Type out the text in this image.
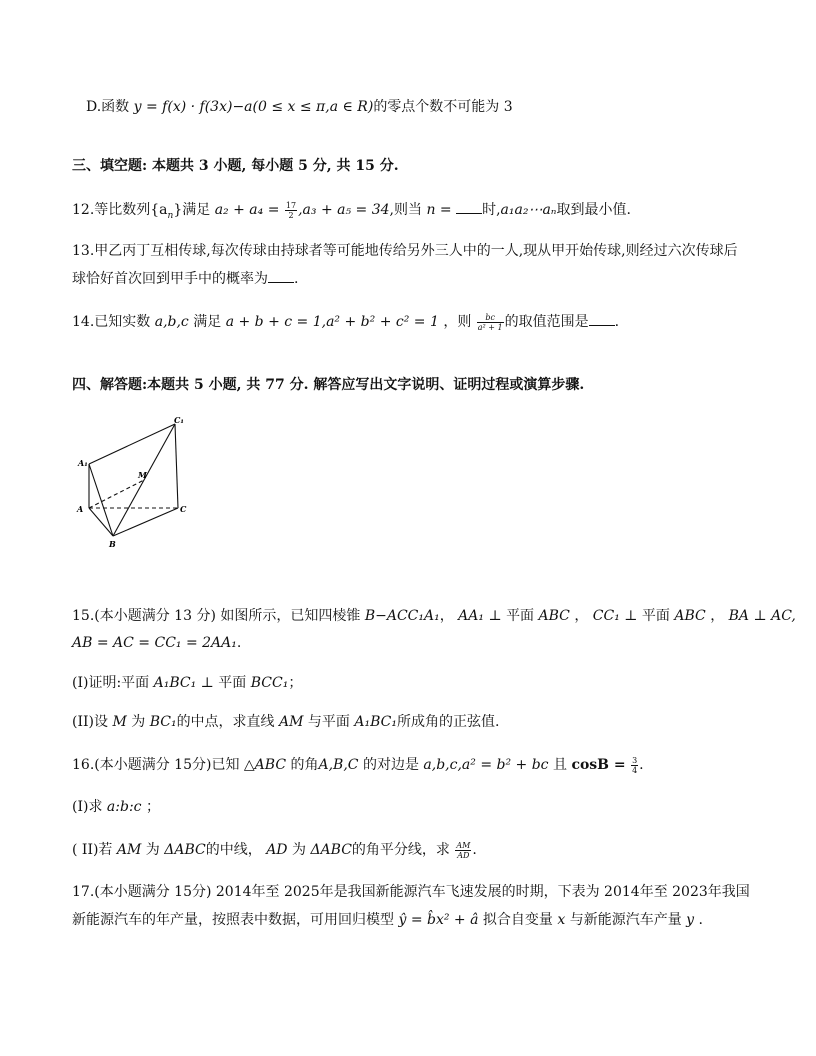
D.函数 y = f(x) · f(3x)−a(0 ≤ x ≤ π,a ∈ R)的零点个数不可能为 3
三、填空题: 本题共 3 小题, 每小题 5 分, 共 15 分.
12.等比数列$\{a_n\}$满足 $a_2 + a_4 = \frac{17}{2} ,a_3 + a_5 = 34$,则当 n = 时,a₁a₂⋯aₙ取到最小值.
13.甲乙丙丁互相传球,每次传球由持球者等可能地传给另外三人中的一人,现从甲开始传球,则经过六次传球后
球恰好首次回到甲手中的概率为 .
14.已知实数 a,b,c 满足 a + b + c = 1,a² + b² + c² = 1 ，则 $\frac{bc}{\text{a² + 1}}$ 的取值范围是 .
四、解答题:本题共 5 小题, 共 77 分. 解答应写出文字说明、证明过程或演算步骤.
C₁
A₁
M
A	C
B
15.(本小题满分 13 分) 如图所示，已知四棱锥 B−ACC₁A₁， AA₁ ⊥ 平面 ABC ， CC₁ ⊥ 平面 ABC ， BA ⊥ AC,
AB = AC = CC₁ = 2AA₁.
(I)证明:平面 A₁BC₁ ⊥ 平面 BCC₁；
(II)设 M 为 BC₁的中点，求直线 AM 与平面 A₁BC₁所成角的正弦值.
16.(本小题满分 15分)已知 △ABC 的角A,B,C 的对边是 a,b,c,a² = b² + bc 且 $\cos B = \frac{3}{4}$ .
(I)求 a:b:c ；
( II)若 AM 为 ΔABC的中线， AD 为 ΔABC的角平分线，求 $\frac{AM}{AD}$ .
17.(本小题满分 15分) 2014年至 2025年是我国新能源汽车飞速发展的时期，下表为 2014年至 2023年我国
新能源汽车的年产量，按照表中数据，可用回归模型 ŷ = b̂x² + â 拟合自变量 x 与新能源汽车产量 y .
